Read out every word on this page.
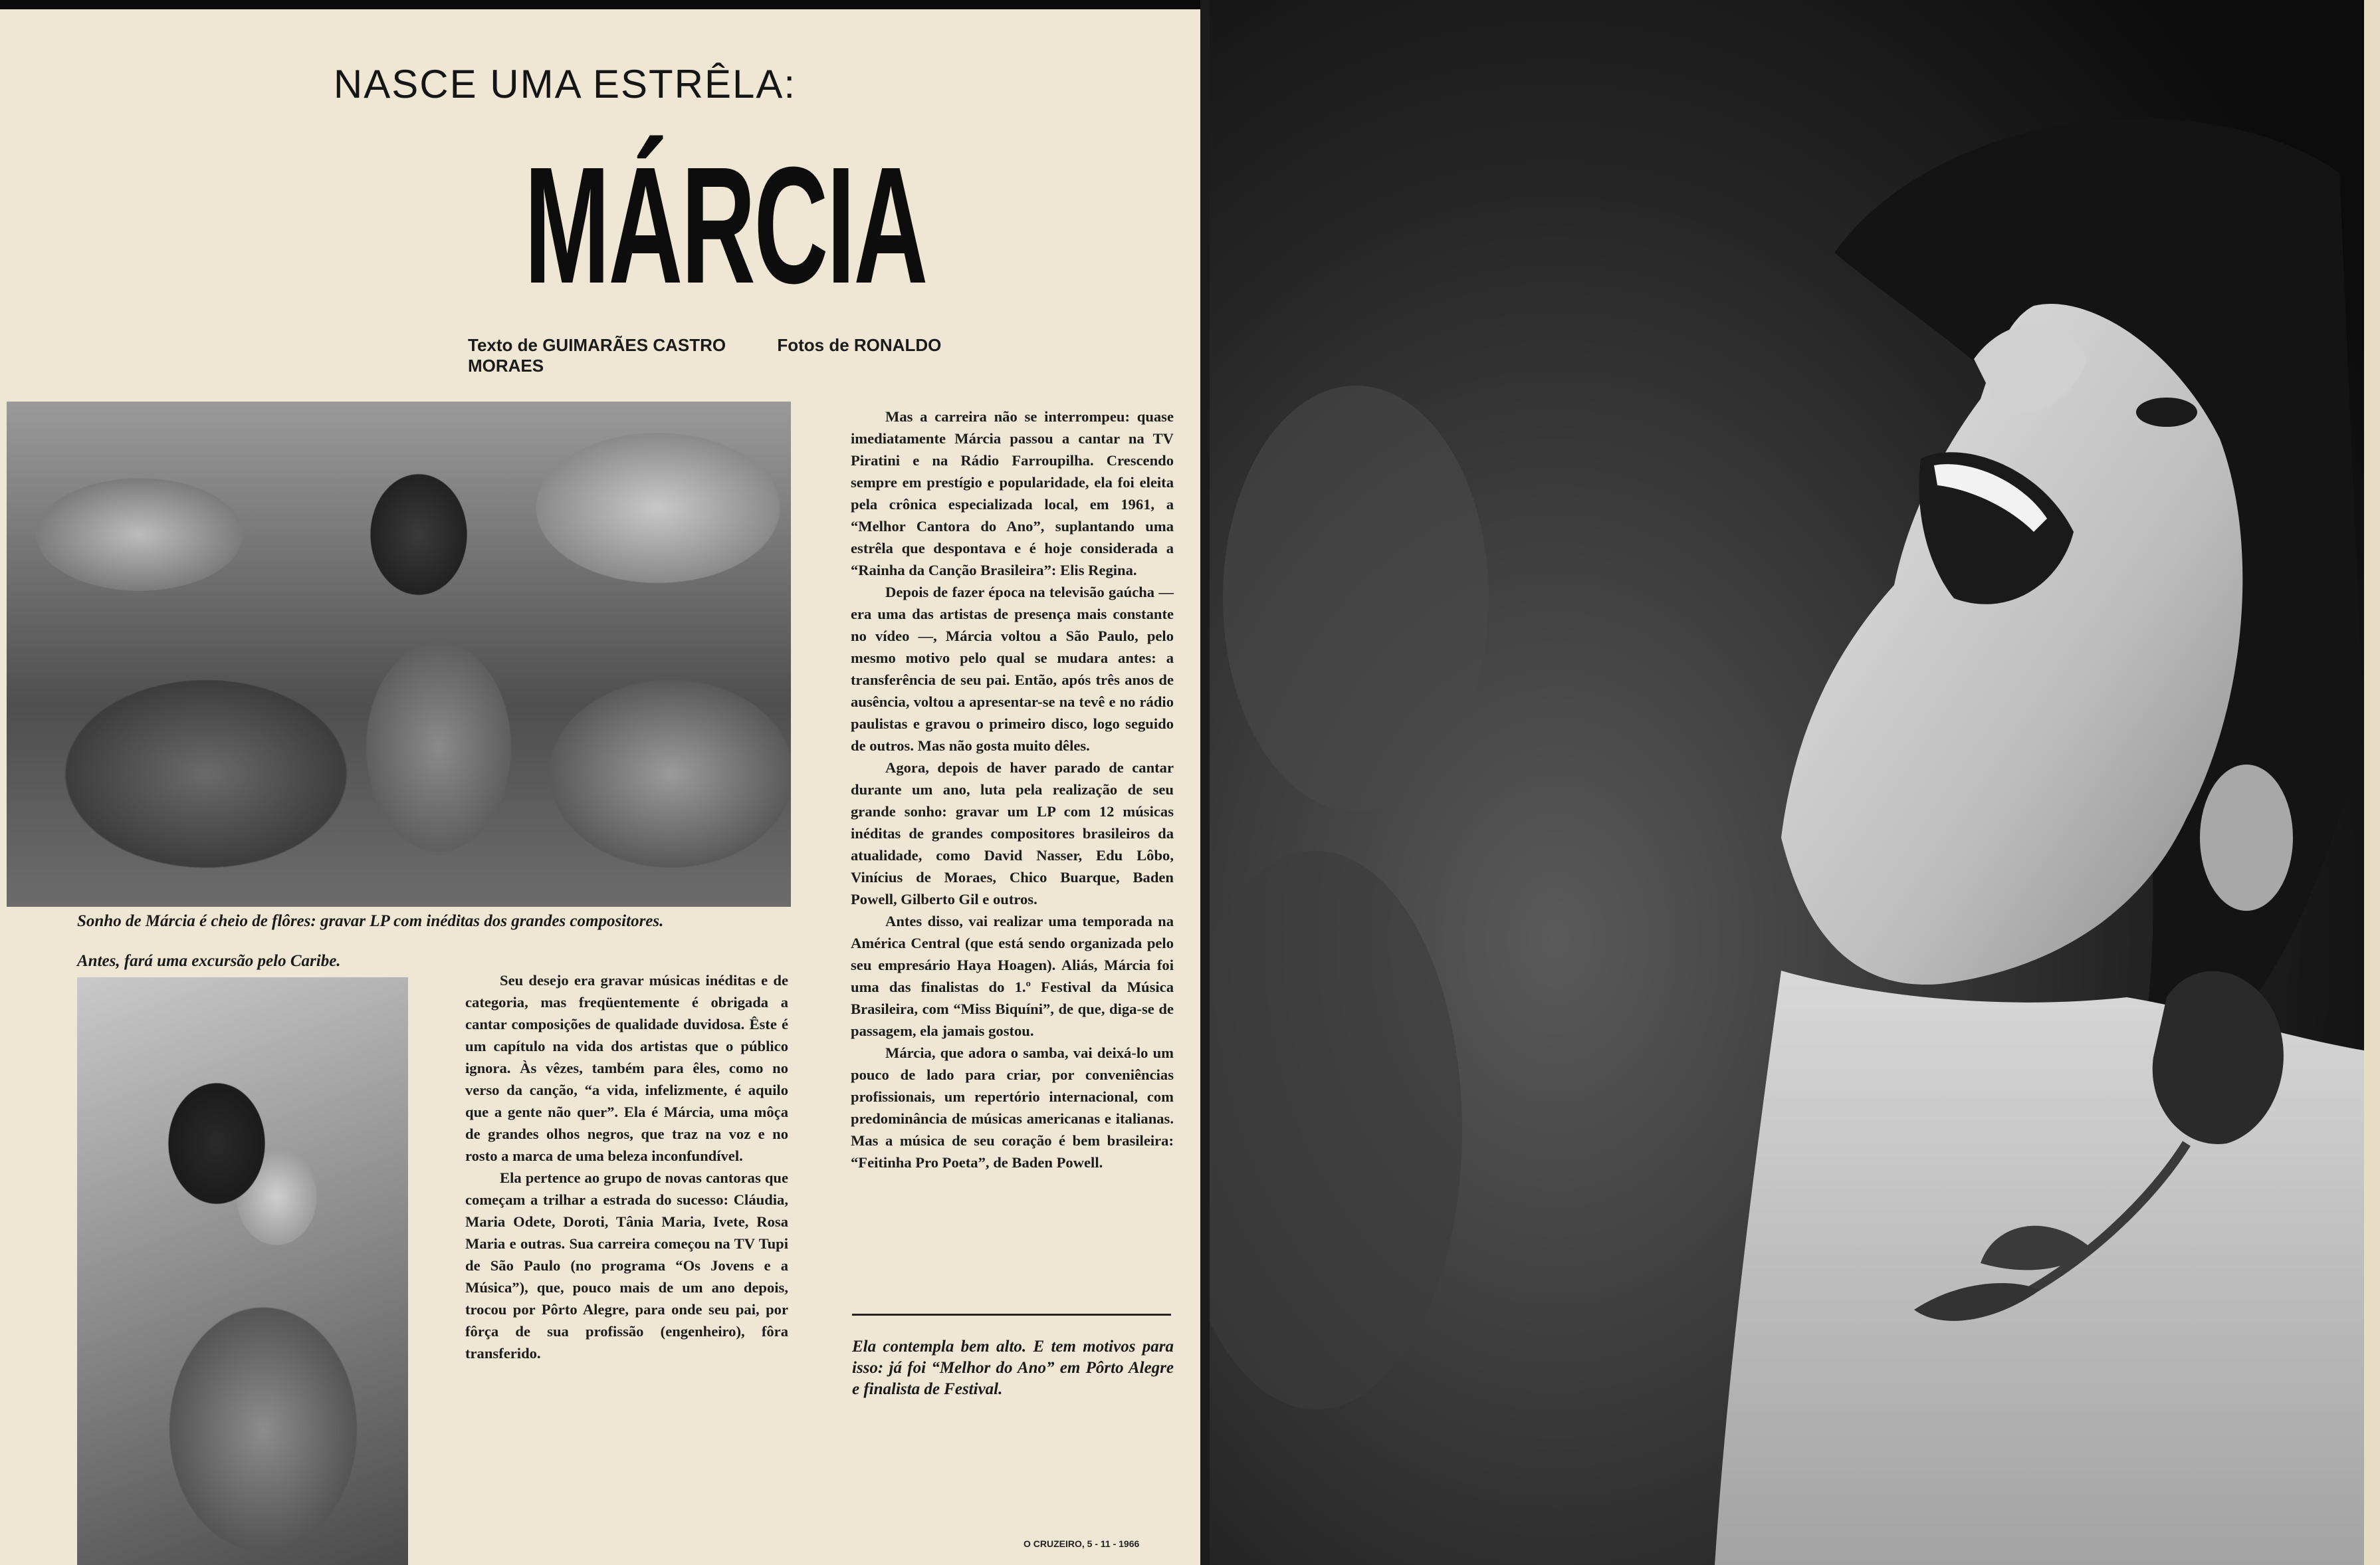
NASCE UMA ESTRÊLA:
MÁRCIA
Texto de GUIMARÃES CASTRO	Fotos de RONALDO MORAES
Sonho de Márcia é cheio de flôres: gravar LP com inéditas dos grandes compositores.
Antes, fará uma excursão pelo Caribe.

Seu desejo era gravar músicas inéditas e de categoria, mas freqüentemente é obrigada a cantar composições de qualidade duvidosa. Êste é um capítulo na vida dos artistas que o público ignora. Às vêzes, também para êles, como no verso da canção, “a vida, infelizmente, é aquilo que a gente não quer”. Ela é Márcia, uma môça de grandes olhos negros, que traz na voz e no rosto a marca de uma beleza inconfundível.

Ela pertence ao grupo de novas cantoras que começam a trilhar a estrada do sucesso: Cláudia, Maria Odete, Doroti, Tânia Maria, Ivete, Rosa Maria e outras. Sua carreira começou na TV Tupi de São Paulo (no programa “Os Jovens e a Música”), que, pouco mais de um ano depois, trocou por Pôrto Alegre, para onde seu pai, por fôrça de sua profissão (engenheiro), fôra transferido.

Mas a carreira não se interrompeu: quase imediatamente Márcia passou a cantar na TV Piratini e na Rádio Farroupilha. Crescendo sempre em prestígio e popularidade, ela foi eleita pela crônica especializada local, em 1961, a “Melhor Cantora do Ano”, suplantando uma estrêla que despontava e é hoje considerada a “Rainha da Canção Brasileira”: Elis Regina.

Depois de fazer época na televisão gaúcha — era uma das artistas de presença mais constante no vídeo —, Márcia voltou a São Paulo, pelo mesmo motivo pelo qual se mudara antes: a transferência de seu pai. Então, após três anos de ausência, voltou a apresentar-se na tevê e no rádio paulistas e gravou o primeiro disco, logo seguido de outros. Mas não gosta muito dêles.

Agora, depois de haver parado de cantar durante um ano, luta pela realização de seu grande sonho: gravar um LP com 12 músicas inéditas de grandes compositores brasileiros da atualidade, como David Nasser, Edu Lôbo, Vinícius de Moraes, Chico Buarque, Baden Powell, Gilberto Gil e outros.

Antes disso, vai realizar uma temporada na América Central (que está sendo organizada pelo seu empresário Haya Hoagen). Aliás, Márcia foi uma das finalistas do 1.º Festival da Música Brasileira, com “Miss Biquíni”, de que, diga-se de passagem, ela jamais gostou.

Márcia, que adora o samba, vai deixá-lo um pouco de lado para criar, por conveniências profissionais, um repertório internacional, com predominância de músicas americanas e italianas. Mas a música de seu coração é bem brasileira: “Feitinha Pro Poeta”, de Baden Powell.

Ela contempla bem alto. E tem motivos para isso: já foi “Melhor do Ano” em Pôrto Alegre e finalista de Festival.
O CRUZEIRO, 5 - 11 - 1966
